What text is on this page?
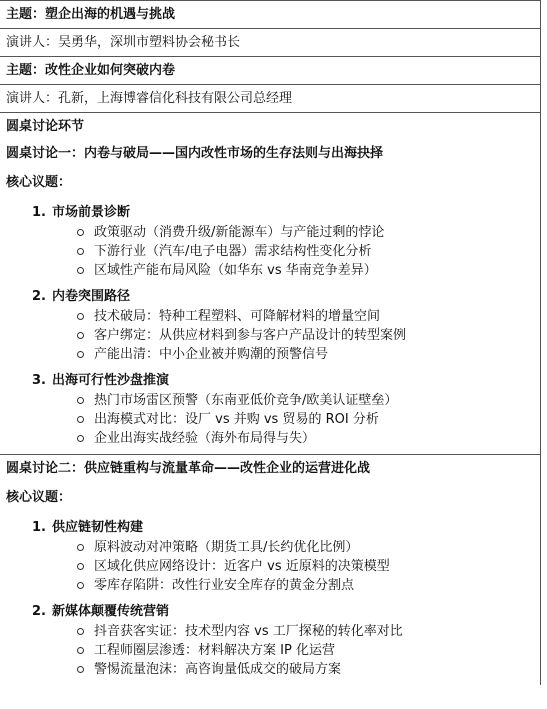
主题：塑企出海的机遇与挑战
演讲人：吴勇华，深圳市塑料协会秘书长
主题：改性企业如何突破内卷
演讲人：孔新，上海博睿信化科技有限公司总经理
圆桌讨论环节
圆桌讨论一：内卷与破局——国内改性市场的生存法则与出海抉择
核心议题：
1. 市场前景诊断
政策驱动（消费升级/新能源车）与产能过剩的悖论
下游行业（汽车/电子电器）需求结构性变化分析
区域性产能布局风险（如华东 vs 华南竞争差异）
2. 内卷突围路径
技术破局：特种工程塑料、可降解材料的增量空间
客户绑定：从供应材料到参与客户产品设计的转型案例
产能出清：中小企业被并购潮的预警信号
3. 出海可行性沙盘推演
热门市场雷区预警（东南亚低价竞争/欧美认证壁垒）
出海模式对比：设厂 vs 并购 vs 贸易的 ROI 分析
企业出海实战经验（海外布局得与失）
圆桌讨论二：供应链重构与流量革命——改性企业的运营进化战
核心议题：
1. 供应链韧性构建
原料波动对冲策略（期货工具/长约优化比例）
区域化供应网络设计：近客户 vs 近原料的决策模型
零库存陷阱：改性行业安全库存的黄金分割点
2. 新媒体颠覆传统营销
抖音获客实证：技术型内容 vs 工厂探秘的转化率对比
工程师圈层渗透：材料解决方案 IP 化运营
警惕流量泡沫：高咨询量低成交的破局方案
